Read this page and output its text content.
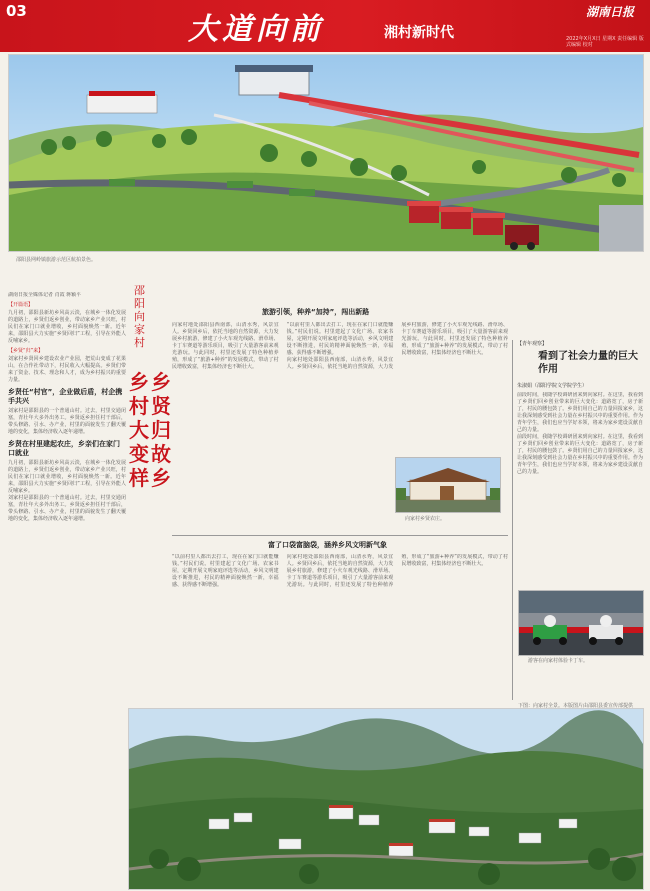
03
大道向前	湘村新时代
湖南日报
2022年X月X日 星期X 责任编辑 版式编辑 校对
邵阳县网岭镇旅游示范区航拍景色。
湖南日报全媒体记者 肖霞 蒋颖平
【开篇语】
九月初，邵阳县新坊乡风高云淡，在城乡一体化发展的道路上，乡贤们返乡创业，带动家乡产业兴旺，村民们在家门口就业增收，乡村面貌焕然一新。近年来，邵阳县大力实施“乡贤回归”工程，引导在外能人反哺家乡。
【乡贤“归”来】
刘家村乡贤回乡建设农业产业园，把荒山变成了花果山，在合作社带动下，村民收入大幅提高。乡贤们带来了资金、技术、理念和人才，成为乡村振兴的重要力量。
乡贤任“村官”，企业做后盾，村企携手共兴
刘家村是邵阳县的一个普通山村。过去，村里交通闭塞，青壮年大多外出务工。乡贤返乡担任村干部后，带头修路、引水、办产业，村里的面貌发生了翻天覆地的变化，集体经济收入逐年递增。
乡贤在村里建起农庄，乡亲们在家门口就业
九月初，邵阳县新坊乡风高云淡，在城乡一体化发展的道路上，乡贤们返乡创业，带动家乡产业兴旺，村民们在家门口就业增收，乡村面貌焕然一新。近年来，邵阳县大力实施“乡贤回归”工程，引导在外能人反哺家乡。
刘家村是邵阳县的一个普通山村。过去，村里交通闭塞，青壮年大多外出务工。乡贤返乡担任村干部后，带头修路、引水、办产业，村里的面貌发生了翻天覆地的变化，集体经济收入逐年递增。
邵
阳
向
家
村
乡
贤
归
故
乡
乡
村
大
变
样
旅游引领，种养“加持”，闯出新路
向家村地处邵阳县西南部，山清水秀，风景宜人。乡贤回乡后，依托当地的自然资源，大力发展乡村旅游，修建了小火车观光线路、滑草场、卡丁车赛道等游乐项目，吸引了大量游客前来观光游玩。与此同时，村里还发展了特色种植养殖，形成了“旅游+种养”的发展模式，带动了村民增收致富，村集体经济也不断壮大。
“以前村里人都出去打工，现在在家门口就能赚钱。”村民们说。村里建起了文化广场、农家书屋，定期开展文明家庭评选等活动，乡风文明建设不断推进，村民的精神面貌焕然一新，幸福感、获得感不断增强。
向家村地处邵阳县西南部，山清水秀，风景宜人。乡贤回乡后，依托当地的自然资源，大力发展乡村旅游，修建了小火车观光线路、滑草场、卡丁车赛道等游乐项目，吸引了大量游客前来观光游玩。与此同时，村里还发展了特色种植养殖，形成了“旅游+种养”的发展模式，带动了村民增收致富，村集体经济也不断壮大。
向家村乡贤农庄。
富了口袋富脑袋，涵养乡风文明新气象
“以前村里人都出去打工，现在在家门口就能赚钱。”村民们说。村里建起了文化广场、农家书屋，定期开展文明家庭评选等活动，乡风文明建设不断推进，村民的精神面貌焕然一新，幸福感、获得感不断增强。
向家村地处邵阳县西南部，山清水秀，风景宜人。乡贤回乡后，依托当地的自然资源，大力发展乡村旅游，修建了小火车观光线路、滑草场、卡丁车赛道等游乐项目，吸引了大量游客前来观光游玩。与此同时，村里还发展了特色种植养殖，形成了“旅游+种养”的发展模式，带动了村民增收致富，村集体经济也不断壮大。
【青年观察】
看到了社会力量的巨大作用
朱淑娟（邵阳学院文学院学生）
前段时间，我随学校调研团来到向家村。在这里，我看到了乡贤们回乡创业带来的巨大变化：道路宽了，房子新了，村民的腰包鼓了。乡贤们用自己的力量回报家乡，这让我深刻感受到社会力量在乡村振兴中的重要作用。作为青年学生，我们也应当学好本领，将来为家乡建设贡献自己的力量。
前段时间，我随学校调研团来到向家村。在这里，我看到了乡贤们回乡创业带来的巨大变化：道路宽了，房子新了，村民的腰包鼓了。乡贤们用自己的力量回报家乡，这让我深刻感受到社会力量在乡村振兴中的重要作用。作为青年学生，我们也应当学好本领，将来为家乡建设贡献自己的力量。
游客在向家村体验卡丁车。
下图：向家村全景。本版图片由邵阳县委宣传部提供
